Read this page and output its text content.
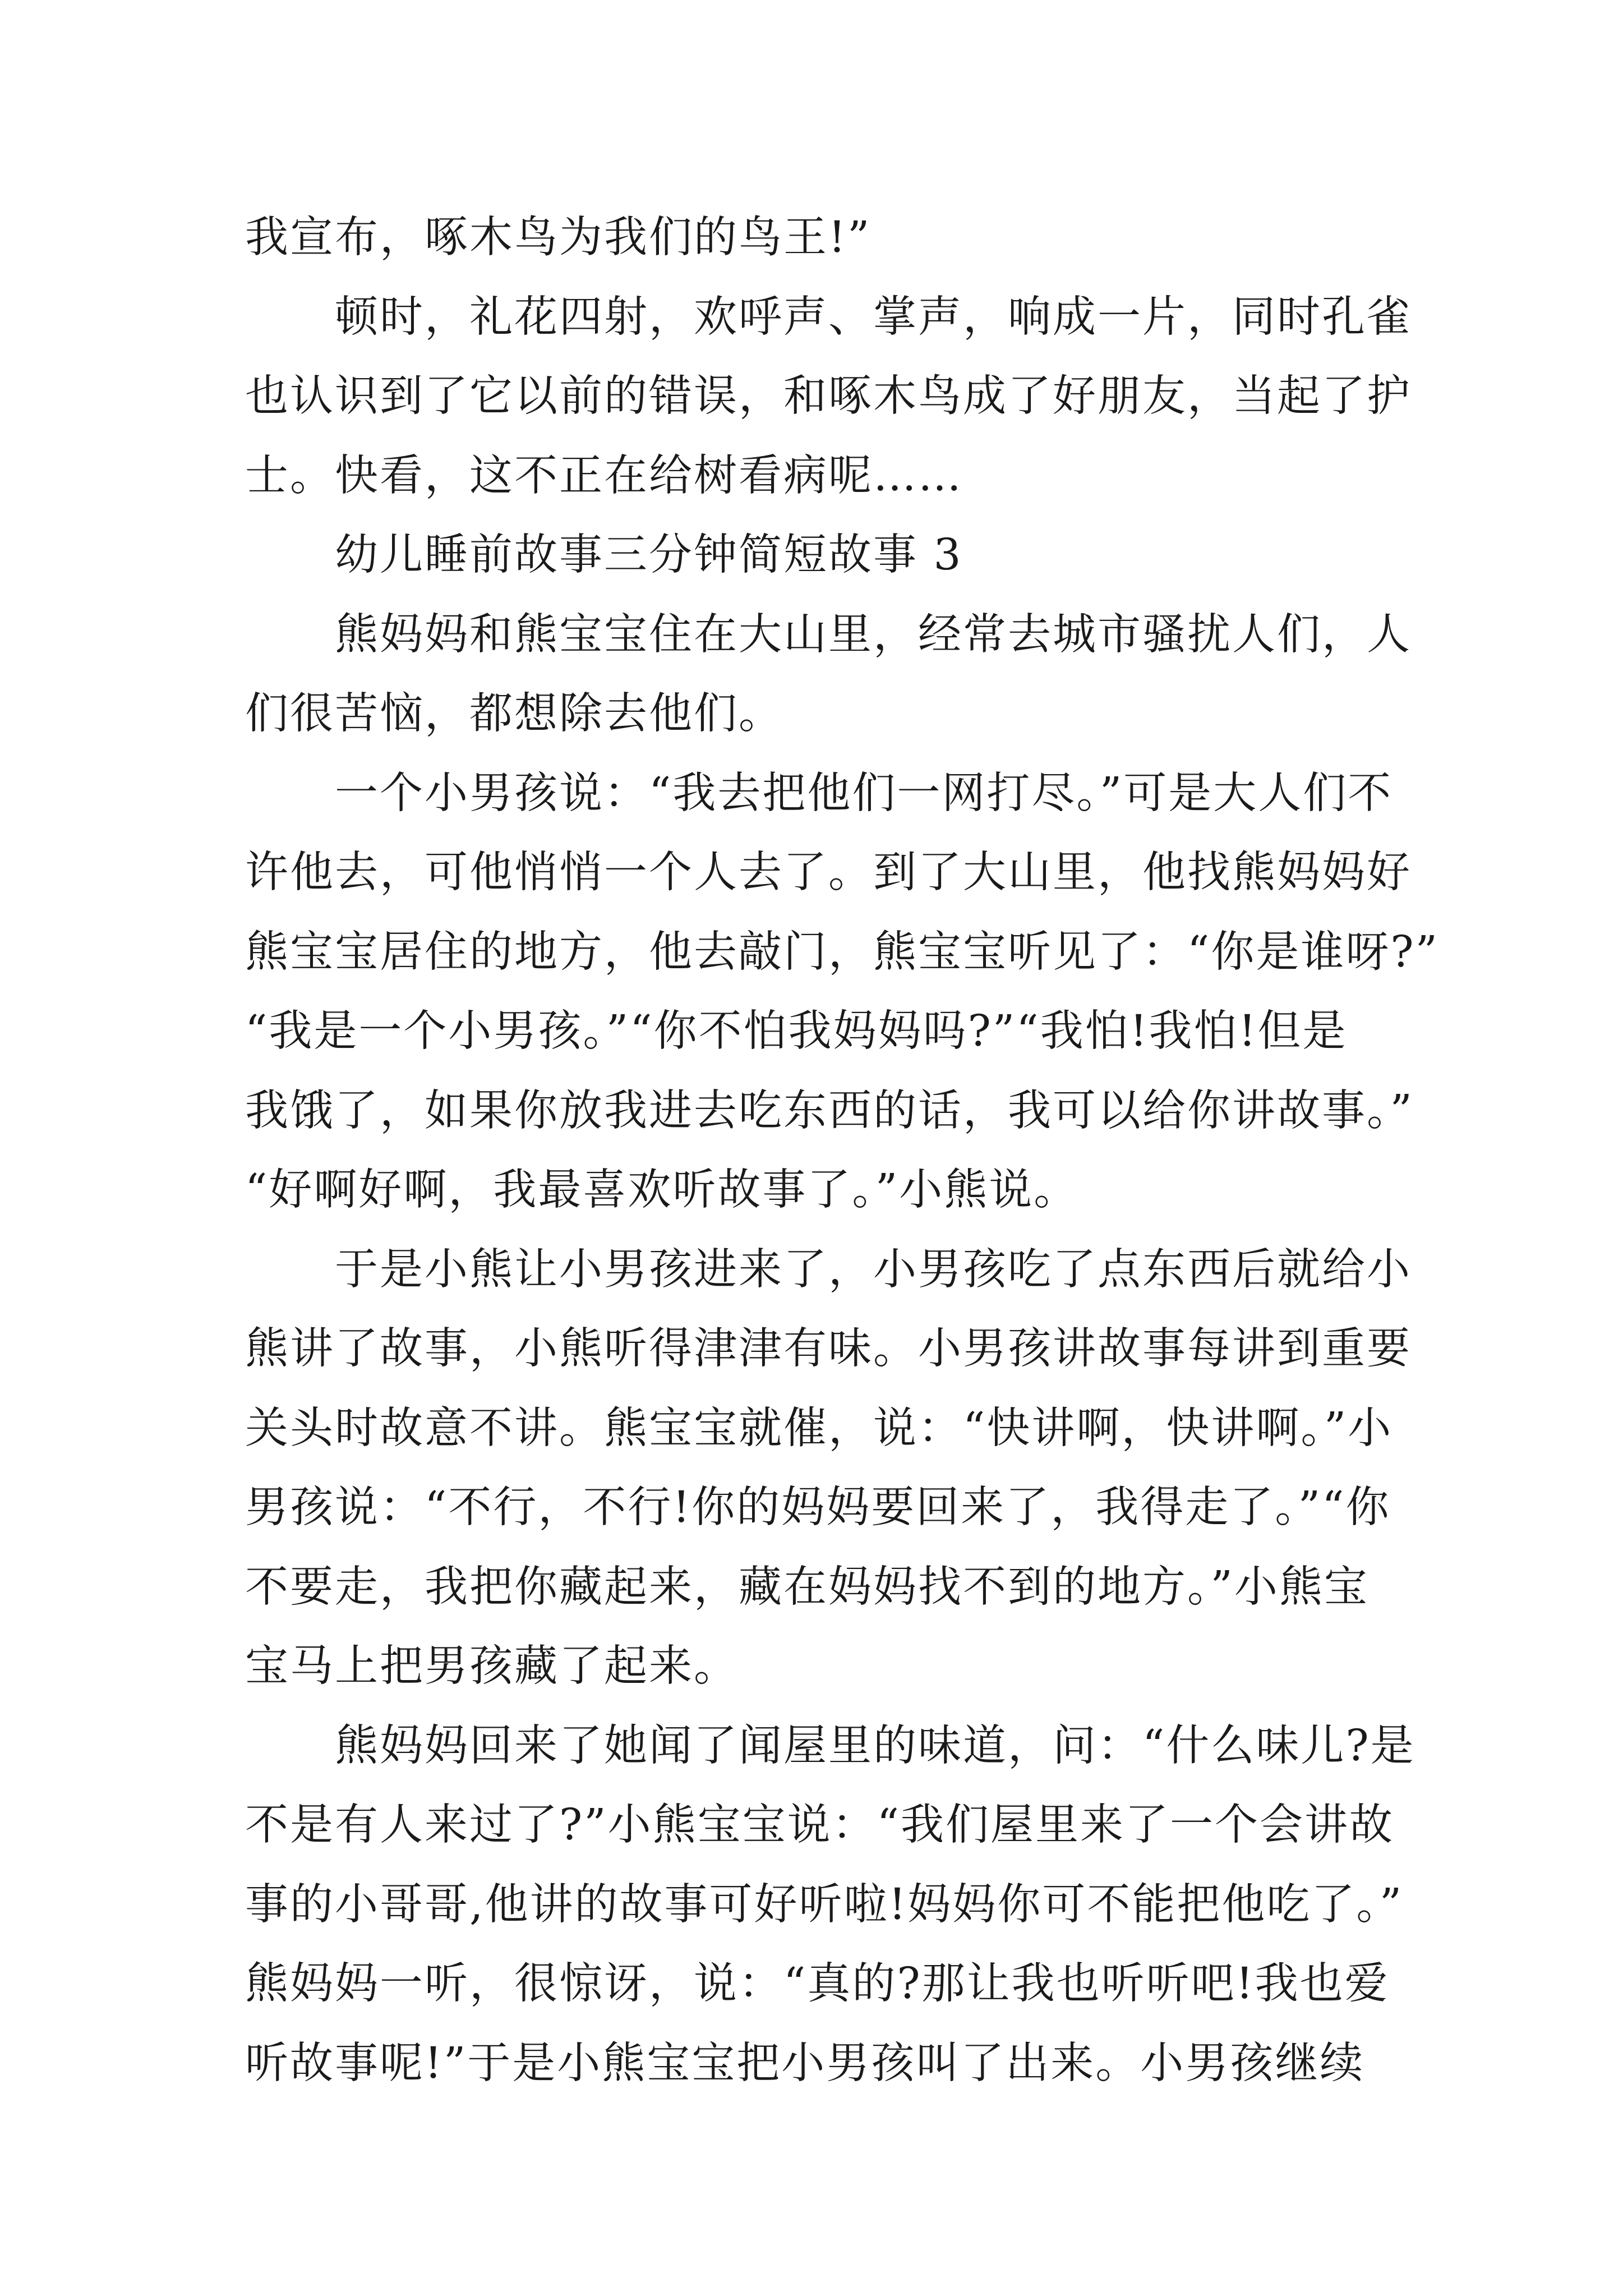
我宣布，啄木鸟为我们的鸟王!”
顿时，礼花四射，欢呼声、掌声，响成一片，同时孔雀
也认识到了它以前的错误，和啄木鸟成了好朋友，当起了护
士。快看，这不正在给树看病呢……
幼儿睡前故事三分钟简短故事 3
熊妈妈和熊宝宝住在大山里，经常去城市骚扰人们，人
们很苦恼，都想除去他们。
一个小男孩说：“我去把他们一网打尽。”可是大人们不
许他去，可他悄悄一个人去了。到了大山里，他找熊妈妈好
熊宝宝居住的地方，他去敲门，熊宝宝听见了：“你是谁呀?”
“我是一个小男孩。”“你不怕我妈妈吗?”“我怕!我怕!但是
我饿了，如果你放我进去吃东西的话，我可以给你讲故事。”
“好啊好啊，我最喜欢听故事了。”小熊说。
于是小熊让小男孩进来了，小男孩吃了点东西后就给小
熊讲了故事，小熊听得津津有味。小男孩讲故事每讲到重要
关头时故意不讲。熊宝宝就催，说：“快讲啊，快讲啊。”小
男孩说：“不行，不行!你的妈妈要回来了，我得走了。”“你
不要走，我把你藏起来，藏在妈妈找不到的地方。”小熊宝
宝马上把男孩藏了起来。
熊妈妈回来了她闻了闻屋里的味道，问：“什么味儿?是
不是有人来过了?”小熊宝宝说：“我们屋里来了一个会讲故
事的小哥哥,他讲的故事可好听啦!妈妈你可不能把他吃了。”
熊妈妈一听，很惊讶，说：“真的?那让我也听听吧!我也爱
听故事呢!”于是小熊宝宝把小男孩叫了出来。小男孩继续
